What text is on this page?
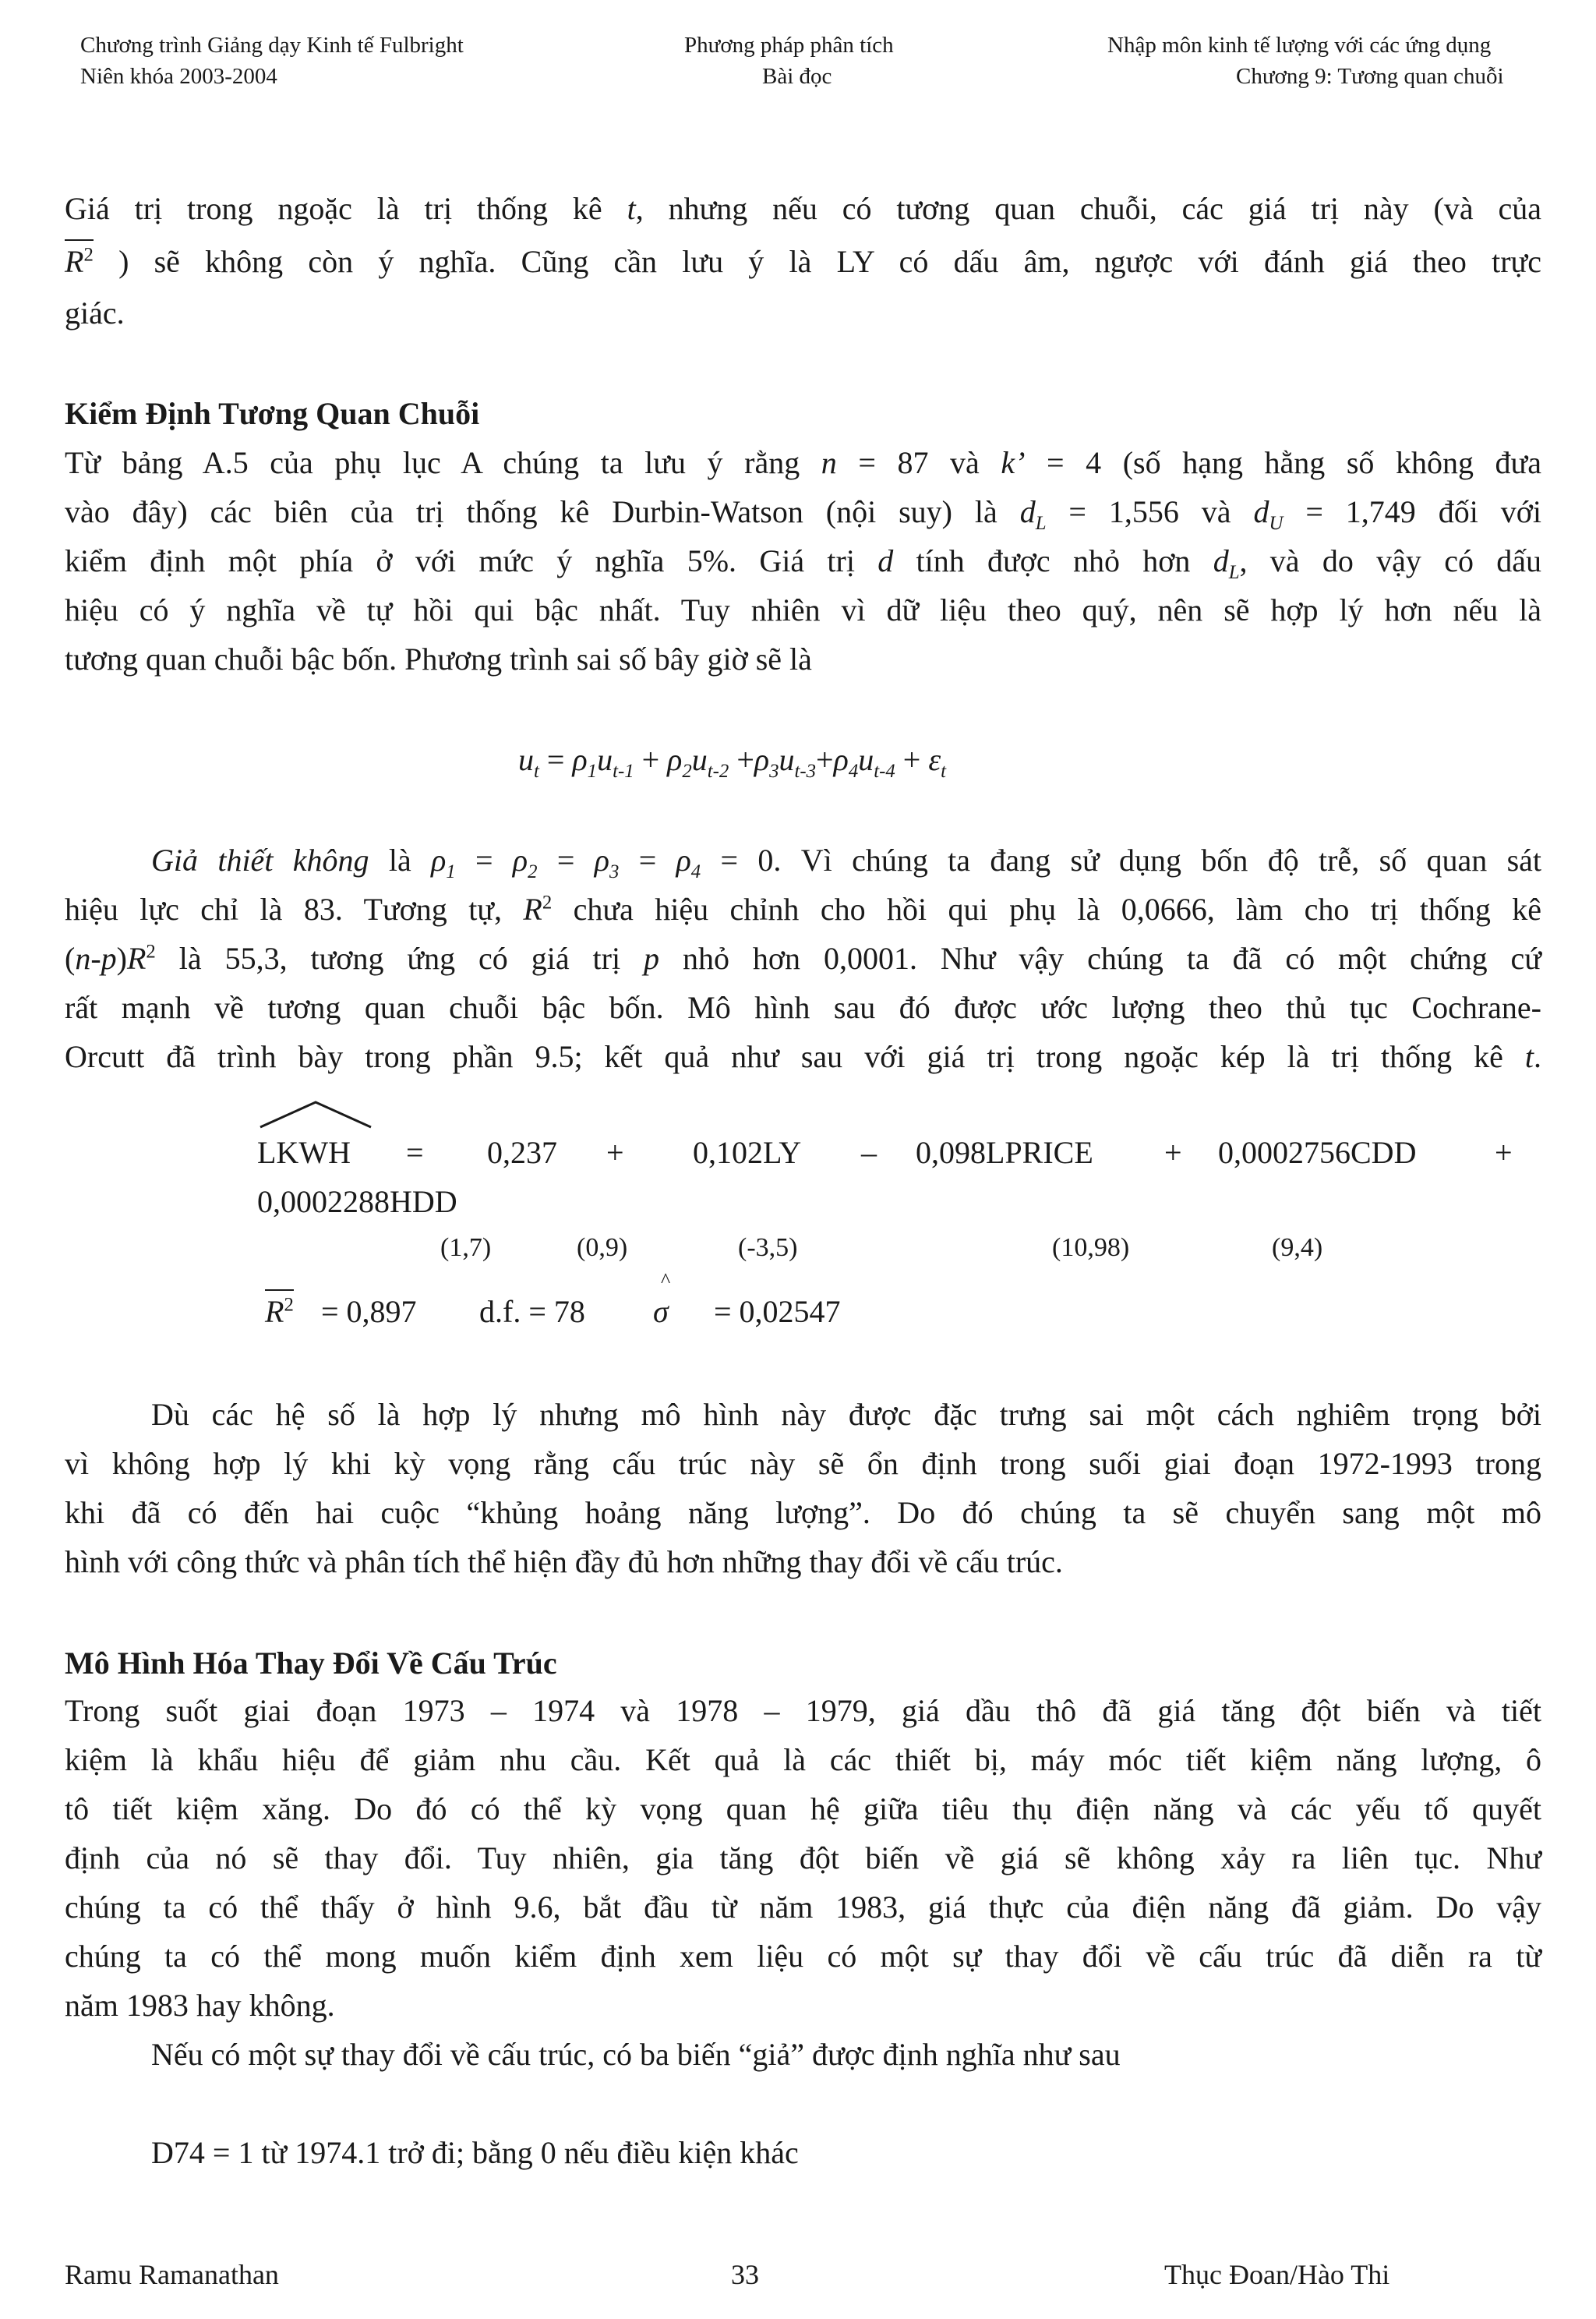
Chương trình Giảng dạy Kinh tế Fulbright
Niên khóa 2003-2004
Phương pháp phân tích
Bài đọc
Nhập môn kinh tế lượng với các ứng dụng
Chương 9: Tương quan chuỗi
Giá trị trong ngoặc là trị thống kê t, nhưng nếu có tương quan chuỗi, các giá trị này (và của
$R^2$ ) sẽ không còn ý nghĩa. Cũng cần lưu ý là LY có dấu âm, ngược với đánh giá theo trực
giác.
Kiểm Định Tương Quan Chuỗi
Từ bảng A.5 của phụ lục A chúng ta lưu ý rằng n = 87 và k’ = 4 (số hạng hằng số không đưa
vào đây) các biên của trị thống kê Durbin-Watson (nội suy) là $d_L = 1,556$ và $d_U = 1,749$ đối với
kiểm định một phía ở với mức ý nghĩa 5%. Giá trị d tính được nhỏ hơn $d_L$, và do vậy có dấu
hiệu có ý nghĩa về tự hồi qui bậc nhất. Tuy nhiên vì dữ liệu theo quý, nên sẽ hợp lý hơn nếu là
tương quan chuỗi bậc bốn. Phương trình sai số bây giờ sẽ là
$u_t = \rho_1u_{t-1} + \rho_2u_{t-2} +\rho_3u_{t-3}+\rho_4u_{t-4} + \varepsilon_t$
Giả thiết không là $\rho_1 = \rho_2 = \rho_3 = \rho_4 = 0$. Vì chúng ta đang sử dụng bốn độ trễ, số quan sát
hiệu lực chỉ là 83. Tương tự, $R^2$ chưa hiệu chỉnh cho hồi qui phụ là 0,0666, làm cho trị thống kê
$(n-p)R^2$ là 55,3, tương ứng có giá trị p nhỏ hơn 0,0001. Như vậy chúng ta đã có một chứng cứ
rất mạnh về tương quan chuỗi bậc bốn. Mô hình sau đó được ước lượng theo thủ tục Cochrane-
Orcutt đã trình bày trong phần 9.5; kết quả như sau với giá trị trong ngoặc kép là trị thống kê t.
LKWH = 0,237 + 0,102LY – 0,098LPRICE + 0,0002756CDD	+
0,0002288HDD
(1,7)	(0,9)	(-3,5)	(10,98)	(9,4)
$R^2 = 0,897$ d.f. = 78
^
σ = 0,02547
Dù các hệ số là hợp lý nhưng mô hình này được đặc trưng sai một cách nghiêm trọng bởi
vì không hợp lý khi kỳ vọng rằng cấu trúc này sẽ ổn định trong suối giai đoạn 1972-1993 trong
khi đã có đến hai cuộc “khủng hoảng năng lượng”. Do đó chúng ta sẽ chuyển sang một mô
hình với công thức và phân tích thể hiện đầy đủ hơn những thay đổi về cấu trúc.
Mô Hình Hóa Thay Đổi Về Cấu Trúc
Trong suốt giai đoạn 1973 – 1974 và 1978 – 1979, giá dầu thô đã giá tăng đột biến và tiết
kiệm là khẩu hiệu để giảm nhu cầu. Kết quả là các thiết bị, máy móc tiết kiệm năng lượng, ô
tô tiết kiệm xăng. Do đó có thể kỳ vọng quan hệ giữa tiêu thụ điện năng và các yếu tố quyết
định của nó sẽ thay đổi. Tuy nhiên, gia tăng đột biến về giá sẽ không xảy ra liên tục. Như
chúng ta có thể thấy ở hình 9.6, bắt đầu từ năm 1983, giá thực của điện năng đã giảm. Do vậy
chúng ta có thể mong muốn kiểm định xem liệu có một sự thay đổi về cấu trúc đã diễn ra từ
năm 1983 hay không.
Nếu có một sự thay đổi về cấu trúc, có ba biến “giả” được định nghĩa như sau
D74 = 1 từ 1974.1 trở đi; bằng 0 nếu điều kiện khác
Ramu Ramanathan	33	Thục Đoan/Hào Thi
